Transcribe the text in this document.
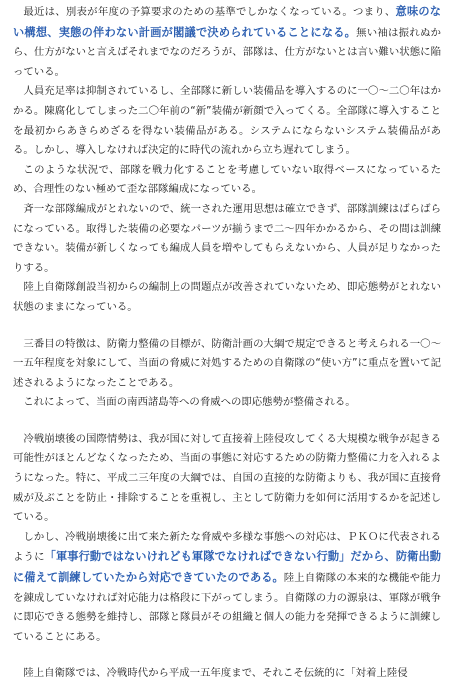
最近は、別表が年度の予算要求のための基準でしかなくなっている。つまり、意味のない構想、実態の伴わない計画が閣議で決められていることになる。無い袖は振れぬから、仕方がないと言えばそれまでなのだろうが、部隊は、仕方がないとは言い難い状態に陥っている。

人員充足率は抑制されているし、全部隊に新しい装備品を導入するのに一〇～二〇年はかかる。陳腐化してしまった二〇年前の“新”装備が新顔で入ってくる。全部隊に導入することを最初からあきらめざるを得ない装備品がある。システムにならないシステム装備品がある。しかし、導入しなければ決定的に時代の流れから立ち遅れてしまう。

このような状況で、部隊を戦力化することを考慮していない取得ベースになっているため、合理性のない極めて歪な部隊編成になっている。

斉一な部隊編成がとれないので、統一された運用思想は確立できず、部隊訓練はばらばらになっている。取得した装備の必要なパーツが揃うまで二～四年かかるから、その間は訓練できない。装備が新しくなっても編成人員を増やしてもらえないから、人員が足りなかったりする。

陸上自衛隊創設当初からの編制上の問題点が改善されていないため、即応態勢がとれない状態のままになっている。

三番目の特徴は、防衛力整備の目標が、防衛計画の大綱で規定できると考えられる一〇～一五年程度を対象にして、当面の脅威に対処するための自衛隊の“使い方”に重点を置いて記述されるようになったことである。

これによって、当面の南西諸島等への脅威への即応態勢が整備される。

冷戦崩壊後の国際情勢は、我が国に対して直接着上陸侵攻してくる大規模な戦争が起きる可能性がほとんどなくなったため、当面の事態に対応するための防衛力整備に力を入れるようになった。特に、平成二三年度の大綱では、自国の直接的な防衛よりも、我が国に直接脅威が及ぶことを防止・排除することを重視し、主として防衛力を如何に活用するかを記述している。

しかし、冷戦崩壊後に出て来た新たな脅威や多様な事態への対応は、ＰＫＯに代表されるように「軍事行動ではないけれども軍隊でなければできない行動」だから、防衛出動に備えて訓練していたから対応できていたのである。陸上自衛隊の本来的な機能や能力を錬成していなければ対応能力は格段に下がってしまう。自衛隊の力の源泉は、軍隊が戦争に即応できる態勢を維持し、部隊と隊員がその組織と個人の能力を発揮できるように訓練していることにある。

陸上自衛隊では、冷戦時代から平成一五年度まで、それこそ伝統的に「対着上陸侵
